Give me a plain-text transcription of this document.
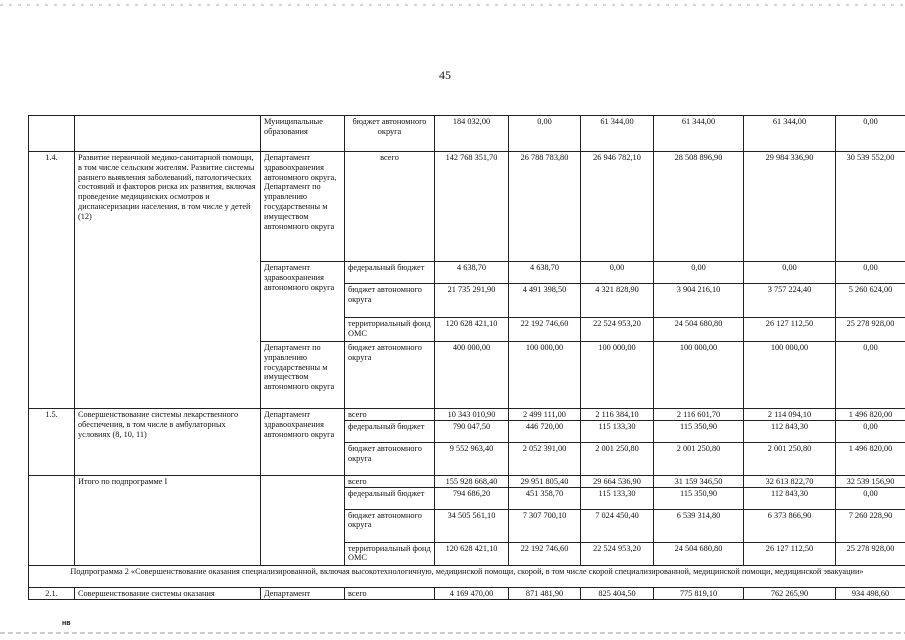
45
		Муниципальные образования	бюджет автономного округа	184 032,00	0,00	61 344,00	61 344,00	61 344,00	0,00
1.4.	Развитие первичной медико-санитарной помощи, в том числе сельским жителям. Развитие системы раннего выявления заболеваний, патологических состояний и факторов риска их развития, включая проведение медицинских осмотров и диспансеризации населения, в том числе у детей (12)	Департамент здравоохранения автономного округа, Департамент по управлению государственны м имуществом автономного округа	всего	142 768 351,70	26 788 783,80	26 946 782,10	28 508 896,90	29 984 336,90	30 539 552,00
		Департамент здравоохранения автономного округа	федеральный бюджет	4 638,70	4 638,70	0,00	0,00	0,00	0,00
			бюджет автономного округа	21 735 291,90	4 491 398,50	4 321 828,90	3 904 216,10	3 757 224,40	5 260 624,00
			территориальный фонд ОМС	120 628 421,10	22 192 746,60	22 524 953,20	24 504 680,80	26 127 112,50	25 278 928,00
		Департамент по управлению государственны м имуществом автономного округа	бюджет автономного округа	400 000,00	100 000,00	100 000,00	100 000,00	100 000,00	0,00
1.5.	Совершенствование системы лекарственного обеспечения, в том числе в амбулаторных условиях (8, 10, 11)	Департамент здравоохранения автономного округа	всего	10 343 010,90	2 499 111,00	2 116 384,10	2 116 601,70	2 114 094,10	1 496 820,00
			федеральный бюджет	790 047,50	446 720,00	115 133,30	115 350,90	112 843,30	0,00
			бюджет автономного округа	9 552 963,40	2 052 391,00	2 001 250,80	2 001 250,80	2 001 250,80	1 496 820,00
	Итого по подпрограмме I		всего	155 928 668,40	29 951 805,40	29 664 536,90	31 159 346,50	32 613 822,70	32 539 156,90
			федеральный бюджет	794 686,20	451 358,70	115 133,30	115 350,90	112 843,30	0,00
			бюджет автономного округа	34 505 561,10	7 307 700,10	7 024 450,40	6 539 314,80	6 373 866,90	7 260 228,90
			территориальный фонд ОМС	120 628 421,10	22 192 746,60	22 524 953,20	24 504 680,80	26 127 112,50	25 278 928,00
Подпрограмма 2 «Совершенствование оказания специализированной, включая высокотехнологичную, медицинской помощи, скорой, в том числе скорой специализированной, медицинской помощи, медицинской эвакуации»									
2.1.	Совершенствование системы оказания	Департамент	всего	4 169 470,00	871 481,90	825 404,50	775 819,10	762 265,90	934 498,60
нв
